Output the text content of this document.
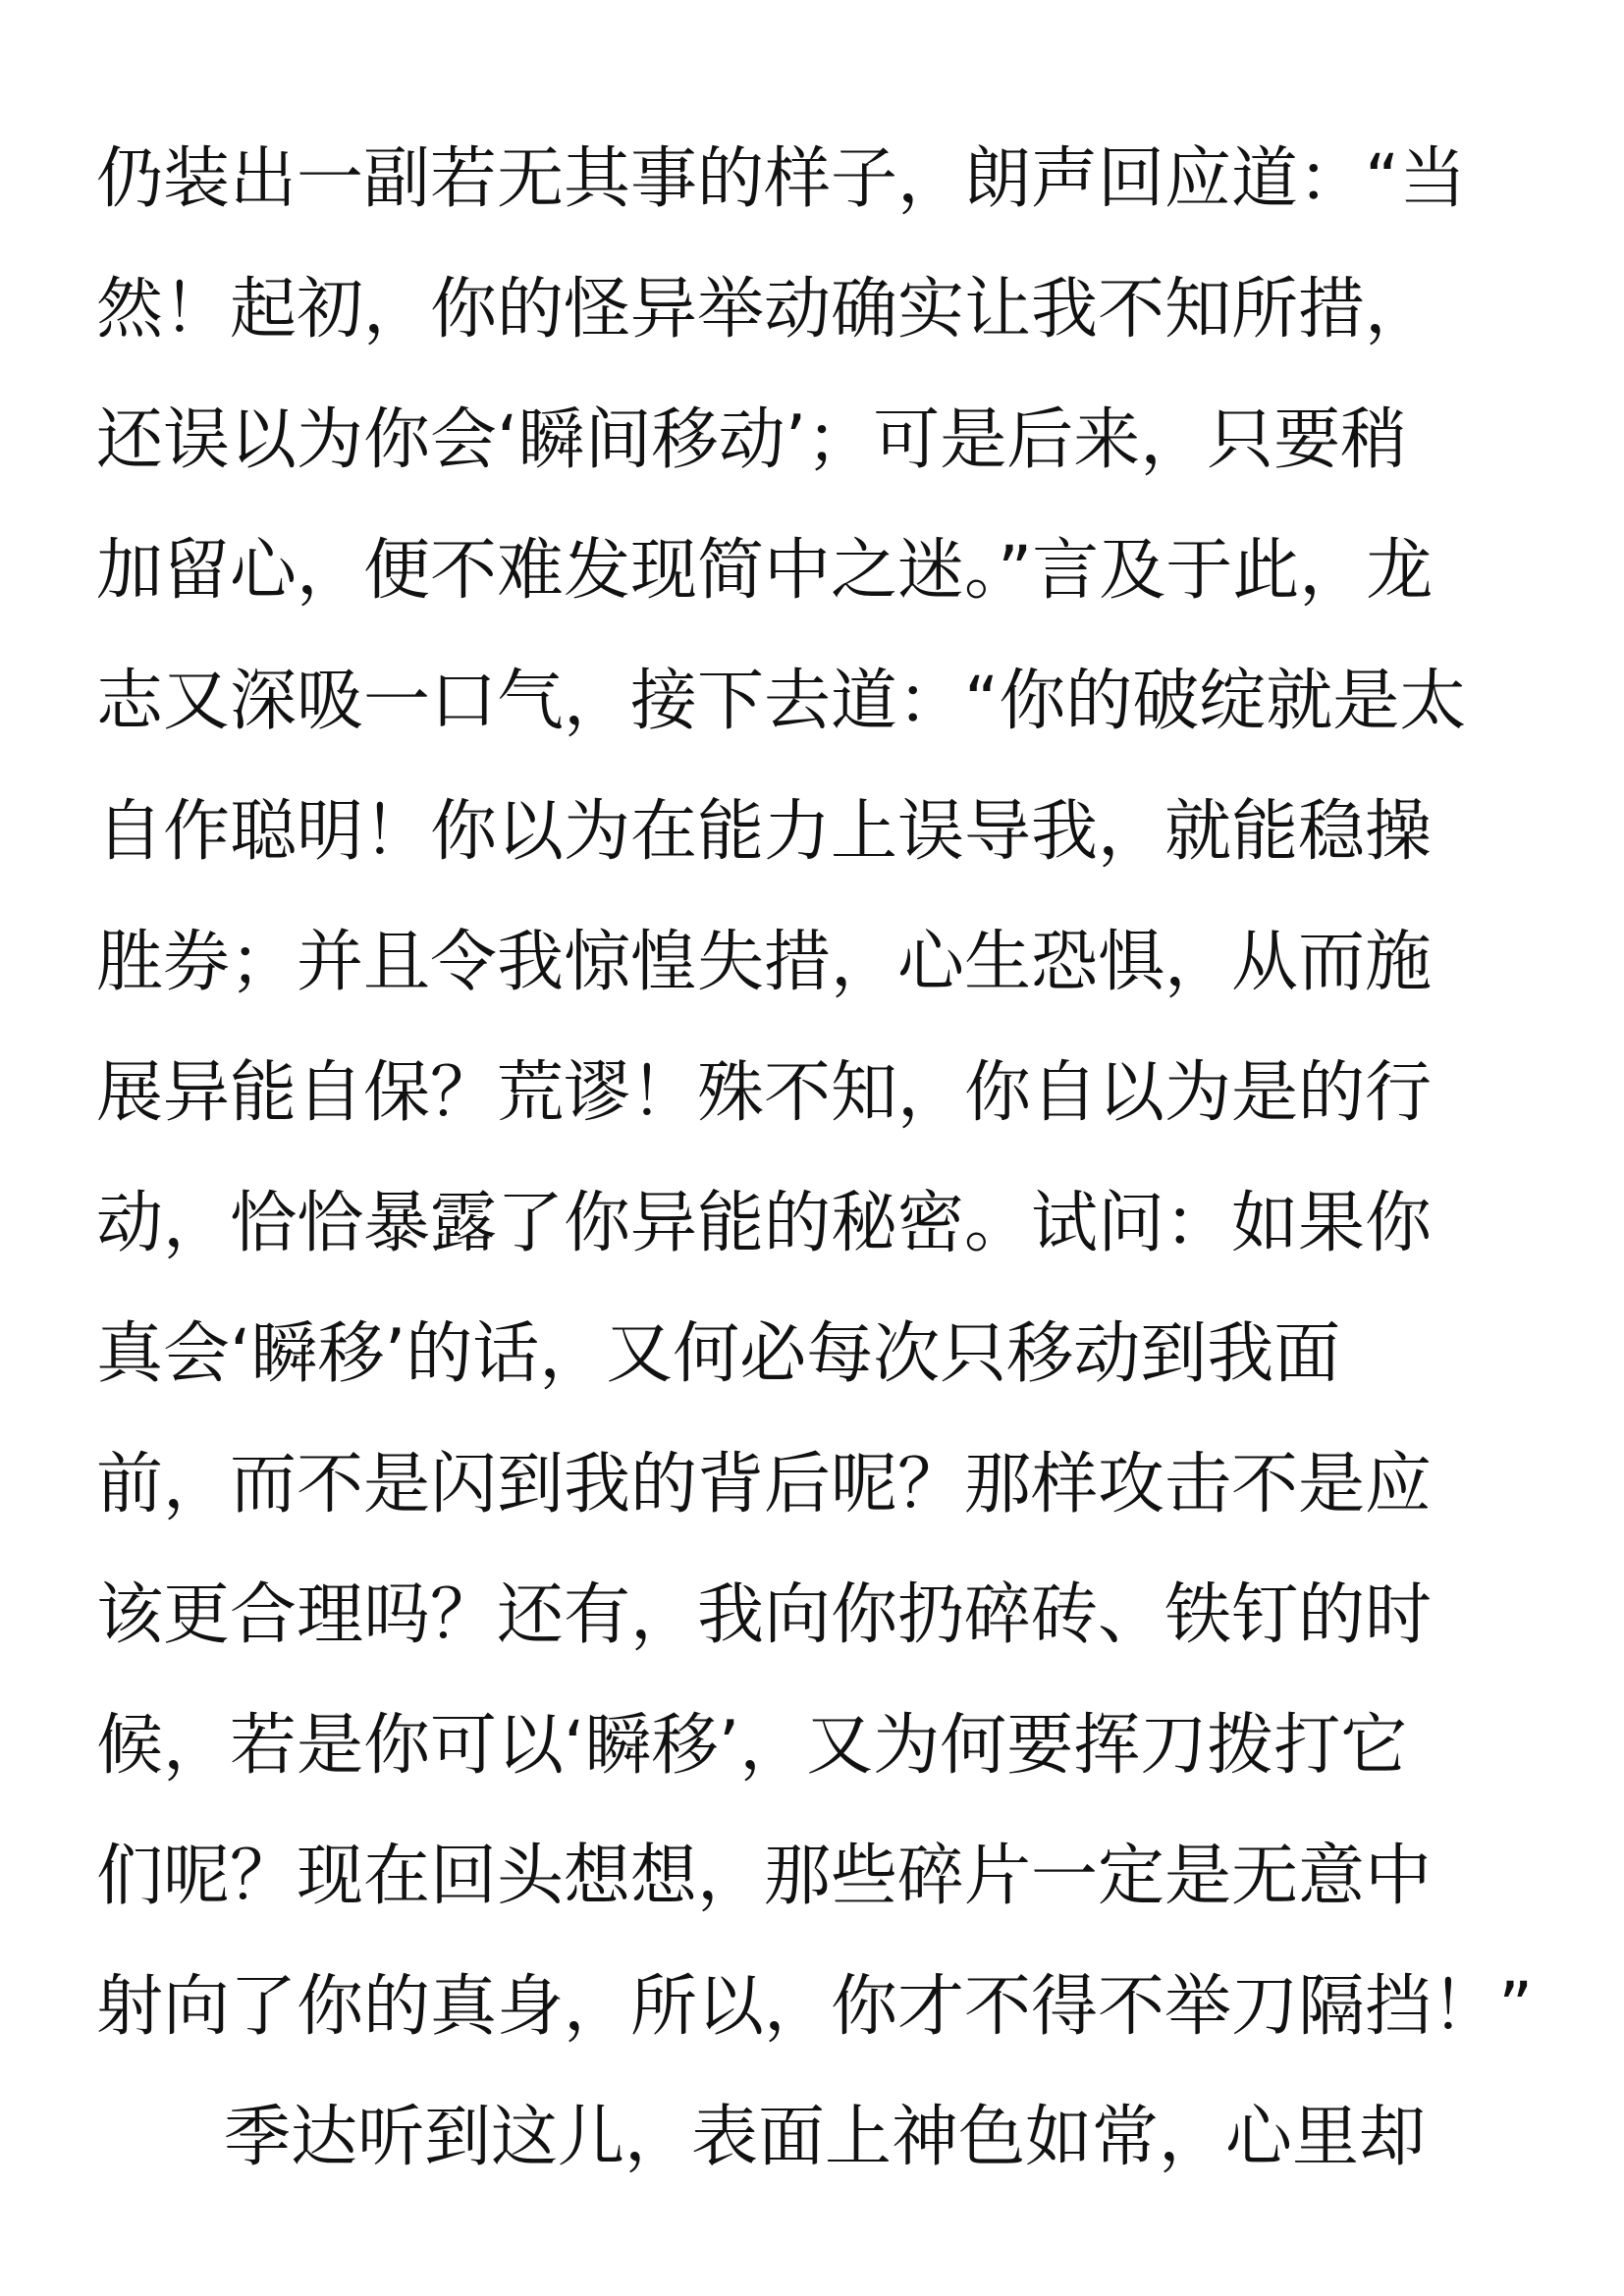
仍装出一副若无其事的样子，朗声回应道：“当
然！起初，你的怪异举动确实让我不知所措，
还误以为你会‘瞬间移动’；可是后来，只要稍
加留心，便不难发现简中之迷。”言及于此，龙
志又深吸一口气，接下去道：“你的破绽就是太
自作聪明！你以为在能力上误导我，就能稳操
胜券；并且令我惊惶失措，心生恐惧，从而施
展异能自保？荒谬！殊不知，你自以为是的行
动，恰恰暴露了你异能的秘密。试问：如果你
真会‘瞬移’的话，又何必每次只移动到我面
前，而不是闪到我的背后呢？那样攻击不是应
该更合理吗？还有，我向你扔碎砖、铁钉的时
候，若是你可以‘瞬移’，又为何要挥刀拨打它
们呢？现在回头想想，那些碎片一定是无意中
射向了你的真身，所以，你才不得不举刀隔挡！”
季达听到这儿，表面上神色如常，心里却
